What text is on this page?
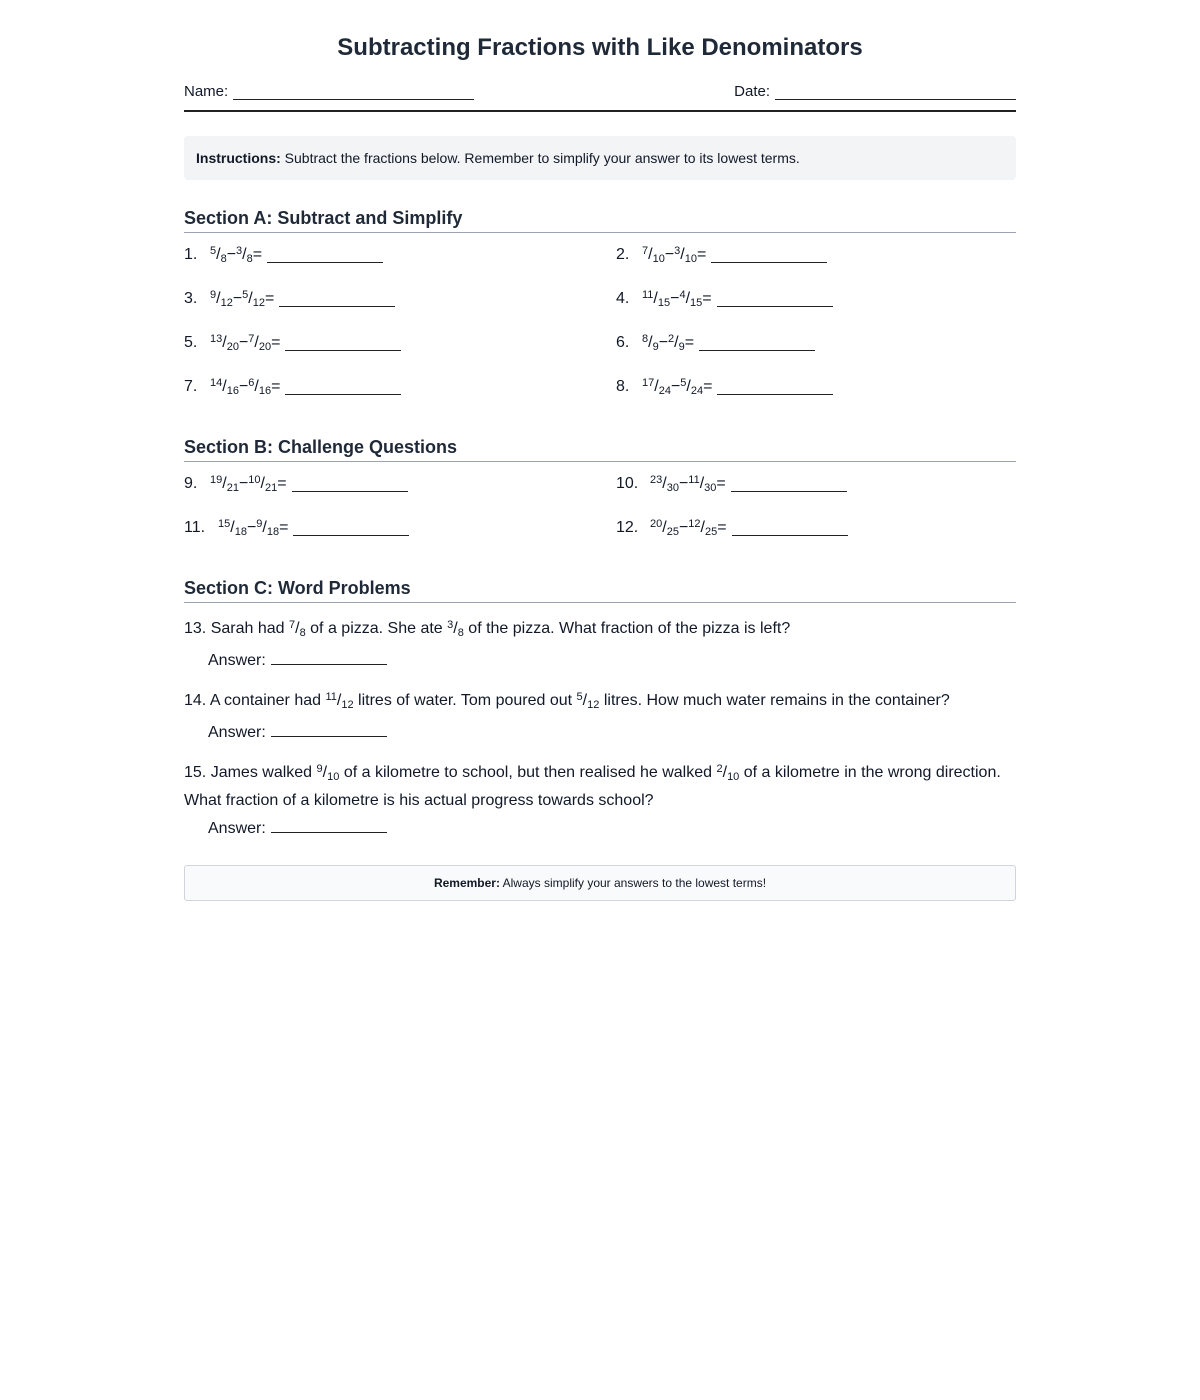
Subtracting Fractions with Like Denominators
Name:	Date:
Instructions: Subtract the fractions below. Remember to simplify your answer to its lowest terms.
Section A: Subtract and Simplify
1.	$^5/_8 - ^3/_8$ =	2.	$^7/_{10} - ^3/_{10}$ =
3.	$^9/_{12} - ^5/_{12}$ =	4.	$^{11}/_{15} - ^4/_{15}$ =
5.	$^{13}/_{20} - ^7/_{20}$ =	6.	$^8/_9 - ^2/_9$ =
7.	$^{14}/_{16} - ^6/_{16}$ =	8.	$^{17}/_{24} - ^5/_{24}$ =
Section B: Challenge Questions
9.	$^{19}/_{21} - ^{10}/_{21}$ =	10.	$^{23}/_{30} - ^{11}/_{30}$ =
11.	$^{15}/_{18} - ^9/_{18}$ =	12.	$^{20}/_{25} - ^{12}/_{25}$ =
Section C: Word Problems
13. Sarah had $^7/_8$ of a pizza. She ate $^3/_8$ of the pizza. What fraction of the pizza is left?
Answer:
14. A container had $^{11}/_{12}$ litres of water. Tom poured out $^5/_{12}$ litres. How much water remains in the container?
Answer:
15. James walked $^9/_{10}$ of a kilometre to school, but then realised he walked $^2/_{10}$ of a kilometre in the wrong direction. What fraction of a kilometre is his actual progress towards school?
Answer:
Remember: Always simplify your answers to the lowest terms!
